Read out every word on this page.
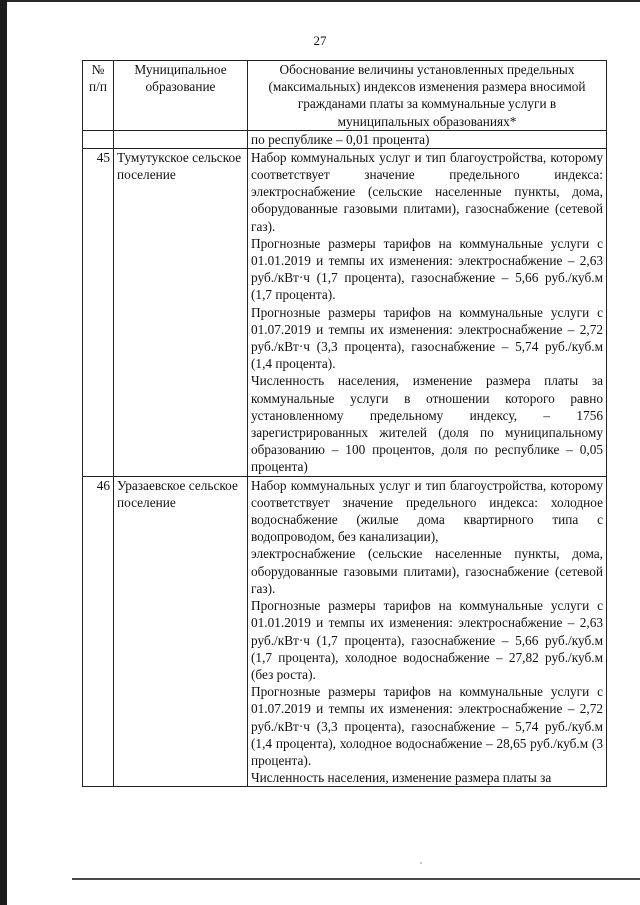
27
№ п/п	Муниципальное образование	Обоснование величины установленных предельных (максимальных) индексов изменения размера вносимой гражданами платы за коммунальные услуги в муниципальных образованиях*
		по республике – 0,01 процента)
45	Тумутукское сельское поселение	Набор коммунальных услуг и тип благоустройства, которому соответствует значение предельного индекса: электроснабжение (сельские населенные пункты, дома, оборудованные газовыми плитами), газоснабжение (сетевой газ).

Прогнозные размеры тарифов на коммунальные услуги с 01.01.2019 и темпы их изменения: электроснабжение – 2,63 руб./кВт·ч (1,7 процента), газоснабжение – 5,66 руб./куб.м (1,7 процента).

Прогнозные размеры тарифов на коммунальные услуги с 01.07.2019 и темпы их изменения: электроснабжение – 2,72 руб./кВт·ч (3,3 процента), газоснабжение – 5,74 руб./куб.м (1,4 процента).

Численность населения, изменение размера платы за коммунальные услуги в отношении которого равно установленному предельному индексу, – 1756 зарегистрированных жителей (доля по муниципальному образованию – 100 процентов, доля по республике – 0,05 процента)

46	Уразаевское сельское поселение	Набор коммунальных услуг и тип благоустройства, которому соответствует значение предельного индекса: холодное водоснабжение (жилые дома квартирного типа с водопроводом, без канализации),

электроснабжение (сельские населенные пункты, дома, оборудованные газовыми плитами), газоснабжение (сетевой газ).

Прогнозные размеры тарифов на коммунальные услуги с 01.01.2019 и темпы их изменения: электроснабжение – 2,63 руб./кВт·ч (1,7 процента), газоснабжение – 5,66 руб./куб.м (1,7 процента), холодное водоснабжение – 27,82 руб./куб.м (без роста).

Прогнозные размеры тарифов на коммунальные услуги с 01.07.2019 и темпы их изменения: электроснабжение – 2,72 руб./кВт·ч (3,3 процента), газоснабжение – 5,74 руб./куб.м (1,4 процента), холодное водоснабжение – 28,65 руб./куб.м (3 процента).

Численность населения, изменение размера платы за
